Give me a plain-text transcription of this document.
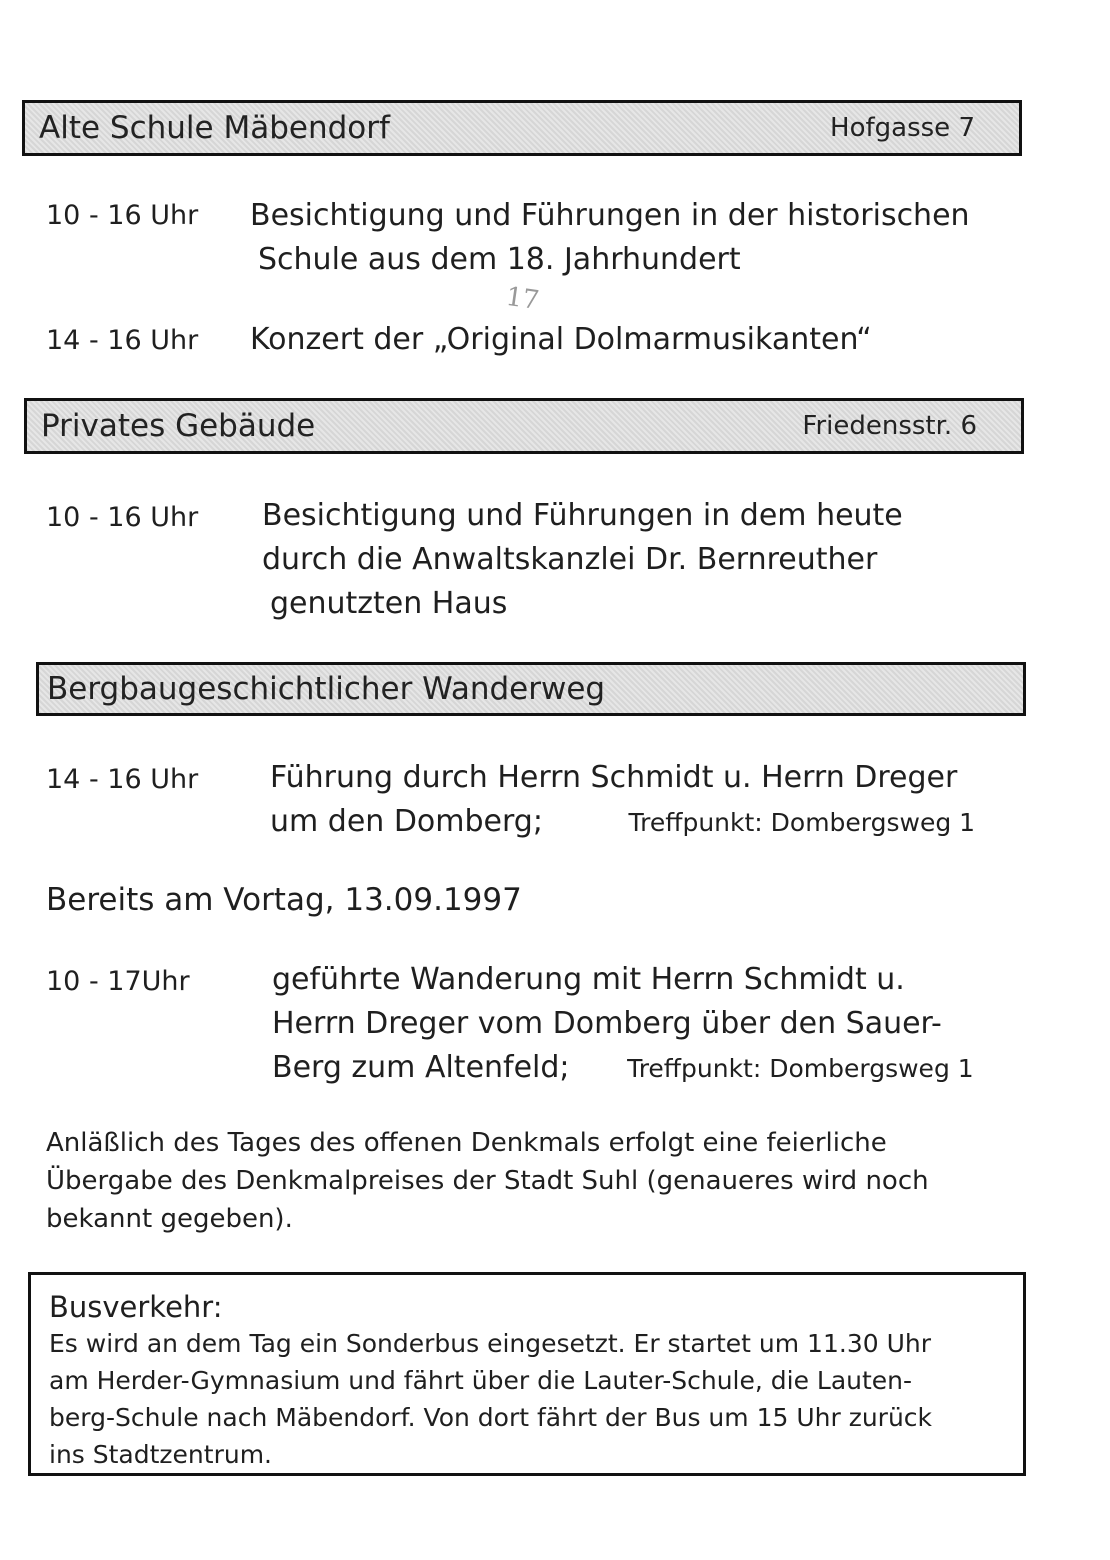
Alte Schule Mäbendorf	Hofgasse 7
10 - 16 Uhr Besichtigung und Führungen in der historischen
Schule aus dem 18. Jahrhundert
17
14 - 16 Uhr Konzert der „Original Dolmarmusikanten“
Privates Gebäude	Friedensstr. 6
10 - 16 Uhr Besichtigung und Führungen in dem heute
durch die Anwaltskanzlei Dr. Bernreuther
genutzten Haus
Bergbaugeschichtlicher Wanderweg
14 - 16 Uhr Führung durch Herrn Schmidt u. Herrn Dreger
um den Domberg;	Treffpunkt: Dombergsweg 1
Bereits am Vortag, 13.09.1997
10 - 17Uhr	geführte Wanderung mit Herrn Schmidt u.
Herrn Dreger vom Domberg über den Sauer-
Berg zum Altenfeld; Treffpunkt: Dombergsweg 1
Anläßlich des Tages des offenen Denkmals erfolgt eine feierliche
Übergabe des Denkmalpreises der Stadt Suhl (genaueres wird noch
bekannt gegeben).
Busverkehr:
Es wird an dem Tag ein Sonderbus eingesetzt. Er startet um 11.30 Uhr
am Herder-Gymnasium und fährt über die Lauter-Schule, die Lauten-
berg-Schule nach Mäbendorf. Von dort fährt der Bus um 15 Uhr zurück
ins Stadtzentrum.
